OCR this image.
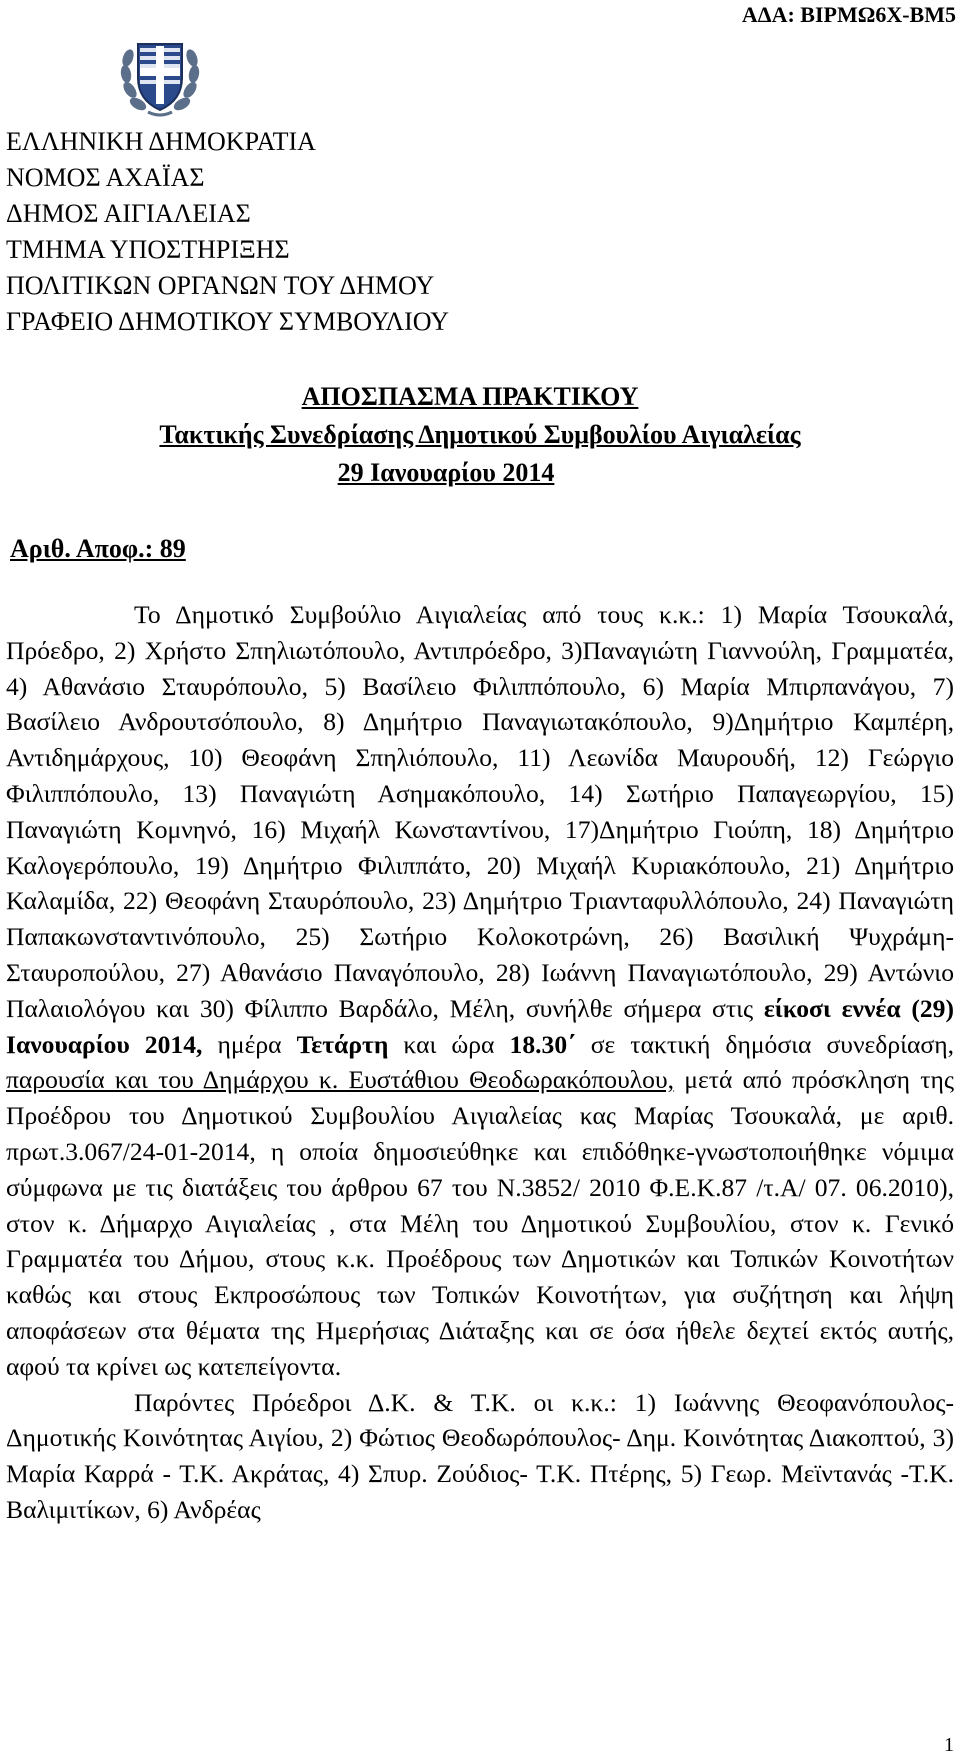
ΑΔΑ: ΒΙΡΜΩ6Χ-ΒΜ5
ΕΛΛΗΝΙΚΗ ΔΗΜΟΚΡΑΤΙΑ
ΝΟΜΟΣ ΑΧΑΪΑΣ
ΔΗΜΟΣ ΑΙΓΙΑΛΕΙΑΣ
ΤΜΗΜΑ ΥΠΟΣΤΗΡΙΞΗΣ
ΠΟΛΙΤΙΚΩΝ ΟΡΓΑΝΩΝ ΤΟΥ ΔΗΜΟΥ
ΓΡΑΦΕΙΟ ΔΗΜΟΤΙΚΟΥ ΣΥΜΒΟΥΛΙΟΥ
ΑΠΟΣΠΑΣΜΑ ΠΡΑΚΤΙΚΟΥ
Τακτικής Συνεδρίασης Δημοτικού Συμβουλίου Αιγιαλείας
29 Ιανουαρίου 2014
Αριθ. Αποφ.: 89

Το Δημοτικό Συμβούλιο Αιγιαλείας από τους κ.κ.: 1) Μαρία Τσουκαλά, Πρόεδρο, 2) Χρήστο Σπηλιωτόπουλο, Αντιπρόεδρο, 3)Παναγιώτη Γιαννούλη, Γραμματέα, 4) Αθανάσιο Σταυρόπουλο, 5) Βασίλειο Φιλιππόπουλο, 6) Μαρία Μπιρπανάγου, 7) Βασίλειο Ανδρουτσόπουλο, 8) Δημήτριο Παναγιωτακόπουλο, 9)Δημήτριο Καμπέρη, Αντιδημάρχους, 10) Θεοφάνη Σπηλιόπουλο, 11) Λεωνίδα Μαυρουδή, 12) Γεώργιο Φιλιππόπουλο, 13) Παναγιώτη Ασημακόπουλο, 14) Σωτήριο Παπαγεωργίου, 15) Παναγιώτη Κομνηνό, 16) Μιχαήλ Κωνσταντίνου, 17)Δημήτριο Γιούπη, 18) Δημήτριο Καλογερόπουλο, 19) Δημήτριο Φιλιππάτο, 20) Μιχαήλ Κυριακόπουλο, 21) Δημήτριο Καλαμίδα, 22) Θεοφάνη Σταυρόπουλο, 23) Δημήτριο Τριανταφυλλόπουλο, 24) Παναγιώτη Παπακωνσταντινόπουλο, 25) Σωτήριο Κολοκοτρώνη, 26) Βασιλική Ψυχράμη-Σταυροπούλου, 27) Αθανάσιο Παναγόπουλο, 28) Ιωάννη Παναγιωτόπουλο, 29) Αντώνιο Παλαιολόγου και 30) Φίλιππο Βαρδάλο, Μέλη, συνήλθε σήμερα στις είκοσι εννέα (29) Ιανουαρίου 2014, ημέρα Τετάρτη και ώρα 18.30΄ σε τακτική δημόσια συνεδρίαση, παρουσία και του Δημάρχου κ. Ευστάθιου Θεοδωρακόπουλου, μετά από πρόσκληση της Προέδρου του Δημοτικού Συμβουλίου Αιγιαλείας κας Μαρίας Τσουκαλά, με αριθ. πρωτ.3.067/24-01-2014, η οποία δημοσιεύθηκε και επιδόθηκε-γνωστοποιήθηκε νόμιμα σύμφωνα με τις διατάξεις του άρθρου 67 του Ν.3852/ 2010 Φ.Ε.Κ.87 /τ.Α/ 07. 06.2010), στον κ. Δήμαρχο Αιγιαλείας , στα Μέλη του Δημοτικού Συμβουλίου, στον κ. Γενικό Γραμματέα του Δήμου, στους κ.κ. Προέδρους των Δημοτικών και Τοπικών Κοινοτήτων καθώς και στους Εκπροσώπους των Τοπικών Κοινοτήτων, για συζήτηση και λήψη αποφάσεων στα θέματα της Ημερήσιας Διάταξης και σε όσα ήθελε δεχτεί εκτός αυτής, αφού τα κρίνει ως κατεπείγοντα.

Παρόντες Πρόεδροι Δ.Κ. & Τ.Κ. οι κ.κ.: 1) Ιωάννης Θεοφανόπουλος-Δημοτικής Κοινότητας Αιγίου, 2) Φώτιος Θεοδωρόπουλος- Δημ. Κοινότητας Διακοπτού, 3) Μαρία Καρρά - Τ.Κ. Ακράτας, 4) Σπυρ. Ζούδιος- Τ.Κ. Πτέρης, 5) Γεωρ. Μεϊντανάς -Τ.Κ. Βαλιμιτίκων, 6) Ανδρέας

1
